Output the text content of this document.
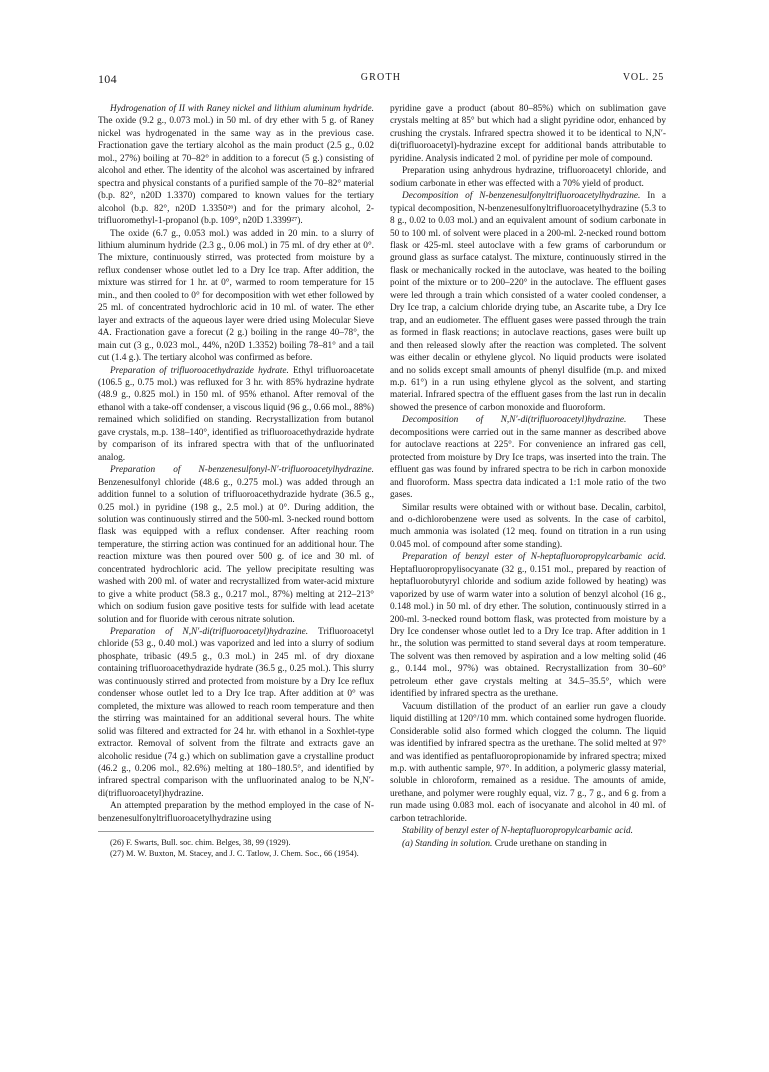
104	GROTH	VOL. 25

Hydrogenation of II with Raney nickel and lithium aluminum hydride. The oxide (9.2 g., 0.073 mol.) in 50 ml. of dry ether with 5 g. of Raney nickel was hydrogenated in the same way as in the previous case. Fractionation gave the tertiary alcohol as the main product (2.5 g., 0.02 mol., 27%) boiling at 70–82° in addition to a forecut (5 g.) consisting of alcohol and ether. The identity of the alcohol was ascertained by infrared spectra and physical constants of a purified sample of the 70–82° material (b.p. 82°, n20D 1.3370) compared to known values for the tertiary alcohol (b.p. 82°, n20D 1.3350²⁶) and for the primary alcohol, 2-trifluoromethyl-1-propanol (b.p. 109°, n20D 1.3399²⁷).

The oxide (6.7 g., 0.053 mol.) was added in 20 min. to a slurry of lithium aluminum hydride (2.3 g., 0.06 mol.) in 75 ml. of dry ether at 0°. The mixture, continuously stirred, was protected from moisture by a reflux condenser whose outlet led to a Dry Ice trap. After addition, the mixture was stirred for 1 hr. at 0°, warmed to room temperature for 15 min., and then cooled to 0° for decomposition with wet ether followed by 25 ml. of concentrated hydrochloric acid in 10 ml. of water. The ether layer and extracts of the aqueous layer were dried using Molecular Sieve 4A. Fractionation gave a forecut (2 g.) boiling in the range 40–78°, the main cut (3 g., 0.023 mol., 44%, n20D 1.3352) boiling 78–81° and a tail cut (1.4 g.). The tertiary alcohol was confirmed as before.

Preparation of trifluoroacethydrazide hydrate. Ethyl trifluoroacetate (106.5 g., 0.75 mol.) was refluxed for 3 hr. with 85% hydrazine hydrate (48.9 g., 0.825 mol.) in 150 ml. of 95% ethanol. After removal of the ethanol with a take-off condenser, a viscous liquid (96 g., 0.66 mol., 88%) remained which solidified on standing. Recrystallization from butanol gave crystals, m.p. 138–140°, identified as trifluoroacethydrazide hydrate by comparison of its infrared spectra with that of the unfluorinated analog.

Preparation of N-benzenesulfonyl-N′-trifluoroacetylhydrazine. Benzenesulfonyl chloride (48.6 g., 0.275 mol.) was added through an addition funnel to a solution of trifluoroacethydrazide hydrate (36.5 g., 0.25 mol.) in pyridine (198 g., 2.5 mol.) at 0°. During addition, the solution was continuously stirred and the 500-ml. 3-necked round bottom flask was equipped with a reflux condenser. After reaching room temperature, the stirring action was continued for an additional hour. The reaction mixture was then poured over 500 g. of ice and 30 ml. of concentrated hydrochloric acid. The yellow precipitate resulting was washed with 200 ml. of water and recrystallized from water-acid mixture to give a white product (58.3 g., 0.217 mol., 87%) melting at 212–213° which on sodium fusion gave positive tests for sulfide with lead acetate solution and for fluoride with cerous nitrate solution.

Preparation of N,N′-di(trifluoroacetyl)hydrazine. Trifluoroacetyl chloride (53 g., 0.40 mol.) was vaporized and led into a slurry of sodium phosphate, tribasic (49.5 g., 0.3 mol.) in 245 ml. of dry dioxane containing trifluoroacethydrazide hydrate (36.5 g., 0.25 mol.). This slurry was continuously stirred and protected from moisture by a Dry Ice reflux condenser whose outlet led to a Dry Ice trap. After addition at 0° was completed, the mixture was allowed to reach room temperature and then the stirring was maintained for an additional several hours. The white solid was filtered and extracted for 24 hr. with ethanol in a Soxhlet-type extractor. Removal of solvent from the filtrate and extracts gave an alcoholic residue (74 g.) which on sublimation gave a crystalline product (46.2 g., 0.206 mol., 82.6%) melting at 180–180.5°, and identified by infrared spectral comparison with the unfluorinated analog to be N,N′-di(trifluoroacetyl)hydrazine.

An attempted preparation by the method employed in the case of N-benzenesulfonyltrifluoroacetylhydrazine using

(26) F. Swarts, Bull. soc. chim. Belges, 38, 99 (1929).

(27) M. W. Buxton, M. Stacey, and J. C. Tatlow, J. Chem. Soc., 66 (1954).

pyridine gave a product (about 80–85%) which on sublimation gave crystals melting at 85° but which had a slight pyridine odor, enhanced by crushing the crystals. Infrared spectra showed it to be identical to N,N′-di(trifluoroacetyl)-hydrazine except for additional bands attributable to pyridine. Analysis indicated 2 mol. of pyridine per mole of compound.

Preparation using anhydrous hydrazine, trifluoroacetyl chloride, and sodium carbonate in ether was effected with a 70% yield of product.

Decomposition of N-benzenesulfonyltrifluoroacetylhydrazine. In a typical decomposition, N-benzenesulfonyltrifluoroacetylhydrazine (5.3 to 8 g., 0.02 to 0.03 mol.) and an equivalent amount of sodium carbonate in 50 to 100 ml. of solvent were placed in a 200-ml. 2-necked round bottom flask or 425-ml. steel autoclave with a few grams of carborundum or ground glass as surface catalyst. The mixture, continuously stirred in the flask or mechanically rocked in the autoclave, was heated to the boiling point of the mixture or to 200–220° in the autoclave. The effluent gases were led through a train which consisted of a water cooled condenser, a Dry Ice trap, a calcium chloride drying tube, an Ascarite tube, a Dry Ice trap, and an eudiometer. The effluent gases were passed through the train as formed in flask reactions; in autoclave reactions, gases were built up and then released slowly after the reaction was completed. The solvent was either decalin or ethylene glycol. No liquid products were isolated and no solids except small amounts of phenyl disulfide (m.p. and mixed m.p. 61°) in a run using ethylene glycol as the solvent, and starting material. Infrared spectra of the effluent gases from the last run in decalin showed the presence of carbon monoxide and fluoroform.

Decomposition of N,N′-di(trifluoroacetyl)hydrazine. These decompositions were carried out in the same manner as described above for autoclave reactions at 225°. For convenience an infrared gas cell, protected from moisture by Dry Ice traps, was inserted into the train. The effluent gas was found by infrared spectra to be rich in carbon monoxide and fluoroform. Mass spectra data indicated a 1:1 mole ratio of the two gases.

Similar results were obtained with or without base. Decalin, carbitol, and o-dichlorobenzene were used as solvents. In the case of carbitol, much ammonia was isolated (12 meq. found on titration in a run using 0.045 mol. of compound after some standing).

Preparation of benzyl ester of N-heptafluoropropylcarbamic acid. Heptafluoropropylisocyanate (32 g., 0.151 mol., prepared by reaction of heptafluorobutyryl chloride and sodium azide followed by heating) was vaporized by use of warm water into a solution of benzyl alcohol (16 g., 0.148 mol.) in 50 ml. of dry ether. The solution, continuously stirred in a 200-ml. 3-necked round bottom flask, was protected from moisture by a Dry Ice condenser whose outlet led to a Dry Ice trap. After addition in 1 hr., the solution was permitted to stand several days at room temperature. The solvent was then removed by aspiration and a low melting solid (46 g., 0.144 mol., 97%) was obtained. Recrystallization from 30–60° petroleum ether gave crystals melting at 34.5–35.5°, which were identified by infrared spectra as the urethane.

Vacuum distillation of the product of an earlier run gave a cloudy liquid distilling at 120°/10 mm. which contained some hydrogen fluoride. Considerable solid also formed which clogged the column. The liquid was identified by infrared spectra as the urethane. The solid melted at 97° and was identified as pentafluoropropionamide by infrared spectra; mixed m.p. with authentic sample, 97°. In addition, a polymeric glassy material, soluble in chloroform, remained as a residue. The amounts of amide, urethane, and polymer were roughly equal, viz. 7 g., 7 g., and 6 g. from a run made using 0.083 mol. each of isocyanate and alcohol in 40 ml. of carbon tetrachloride.

Stability of benzyl ester of N-heptafluoropropylcarbamic acid.

(a) Standing in solution. Crude urethane on standing in
